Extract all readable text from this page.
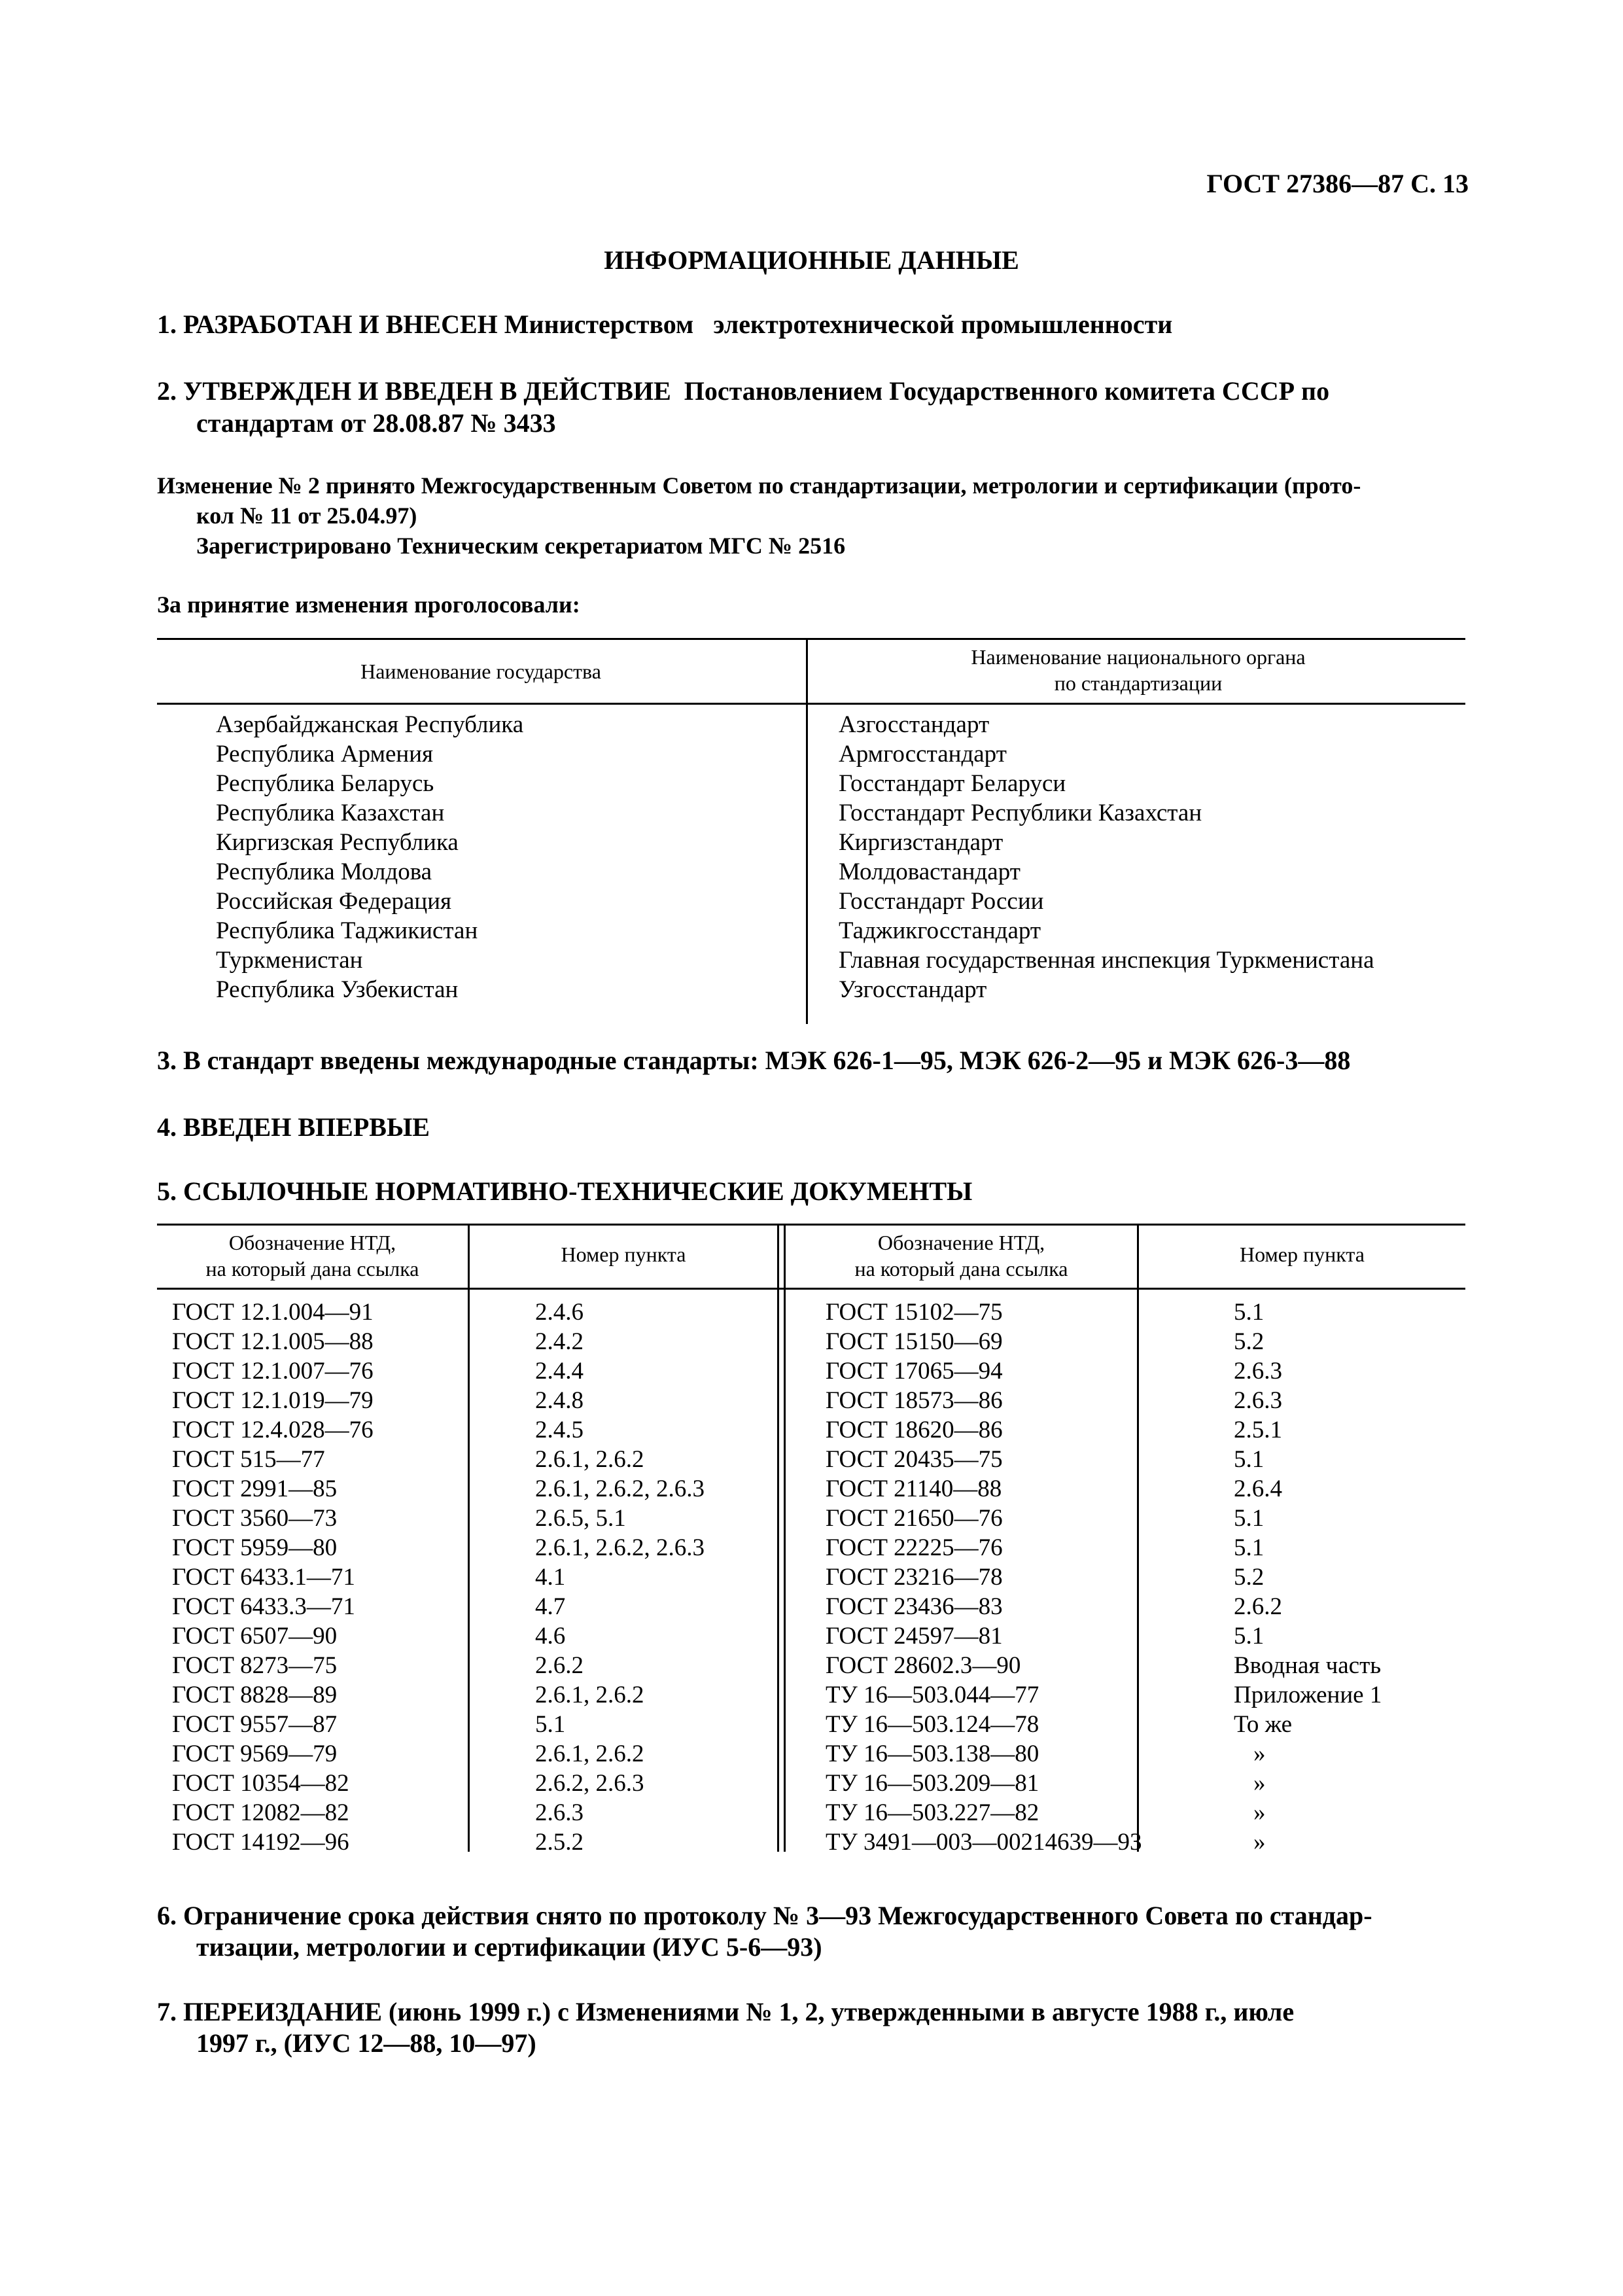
ГОСТ 27386—87 С. 13
ИНФОРМАЦИОННЫЕ ДАННЫЕ
1. РАЗРАБОТАН И ВНЕСЕН Министерством электротехнической промышленности
2. УТВЕРЖДЕН И ВВЕДЕН В ДЕЙСТВИЕ Постановлением Государственного комитета СССР по
стандартам от 28.08.87 № 3433
Изменение № 2 принято Межгосударственным Советом по стандартизации, метрологии и сертификации (прото-
кол № 11 от 25.04.97)
Зарегистрировано Техническим секретариатом МГС № 2516
За принятие изменения проголосовали:
Наименование государства
Наименование национального органа
по стандартизации
Азербайджанская Республика
Республика Армения
Республика Беларусь
Республика Казахстан
Киргизская Республика
Республика Молдова
Российская Федерация
Республика Таджикистан
Туркменистан
Республика Узбекистан
Азгосстандарт
Армгосстандарт
Госстандарт Беларуси
Госстандарт Республики Казахстан
Киргизстандарт
Молдовастандарт
Госстандарт России
Таджикгосстандарт
Главная государственная инспекция Туркменистана
Узгосстандарт
3. В стандарт введены международные стандарты: МЭК 626-1—95, МЭК 626-2—95 и МЭК 626-3—88
4. ВВЕДЕН ВПЕРВЫЕ
5. ССЫЛОЧНЫЕ НОРМАТИВНО-ТЕХНИЧЕСКИЕ ДОКУМЕНТЫ
Обозначение НТД,
на который дана ссылка
Номер пункта	Обозначение НТД,
на который дана ссылка
Номер пункта
ГОСТ 12.1.004—91
ГОСТ 12.1.005—88
ГОСТ 12.1.007—76
ГОСТ 12.1.019—79
ГОСТ 12.4.028—76
ГОСТ 515—77
ГОСТ 2991—85
ГОСТ 3560—73
ГОСТ 5959—80
ГОСТ 6433.1—71
ГОСТ 6433.3—71
ГОСТ 6507—90
ГОСТ 8273—75
ГОСТ 8828—89
ГОСТ 9557—87
ГОСТ 9569—79
ГОСТ 10354—82
ГОСТ 12082—82
ГОСТ 14192—96
2.4.6
2.4.2
2.4.4
2.4.8
2.4.5
2.6.1, 2.6.2
2.6.1, 2.6.2, 2.6.3
2.6.5, 5.1
2.6.1, 2.6.2, 2.6.3
4.1
4.7
4.6
2.6.2
2.6.1, 2.6.2
5.1
2.6.1, 2.6.2
2.6.2, 2.6.3
2.6.3
2.5.2
ГОСТ 15102—75
ГОСТ 15150—69
ГОСТ 17065—94
ГОСТ 18573—86
ГОСТ 18620—86
ГОСТ 20435—75
ГОСТ 21140—88
ГОСТ 21650—76
ГОСТ 22225—76
ГОСТ 23216—78
ГОСТ 23436—83
ГОСТ 24597—81
ГОСТ 28602.3—90
ТУ 16—503.044—77
ТУ 16—503.124—78
ТУ 16—503.138—80
ТУ 16—503.209—81
ТУ 16—503.227—82
ТУ 3491—003—00214639—93
5.1
5.2
2.6.3
2.6.3
2.5.1
5.1
2.6.4
5.1
5.1
5.2
2.6.2
5.1
Вводная часть
Приложение 1
То же
»
»
»
»
6. Ограничение срока действия снято по протоколу № 3—93 Межгосударственного Совета по стандар-
тизации, метрологии и сертификации (ИУС 5-6—93)
7. ПЕРЕИЗДАНИЕ (июнь 1999 г.) с Изменениями № 1, 2, утвержденными в августе 1988 г., июле
1997 г., (ИУС 12—88, 10—97)
